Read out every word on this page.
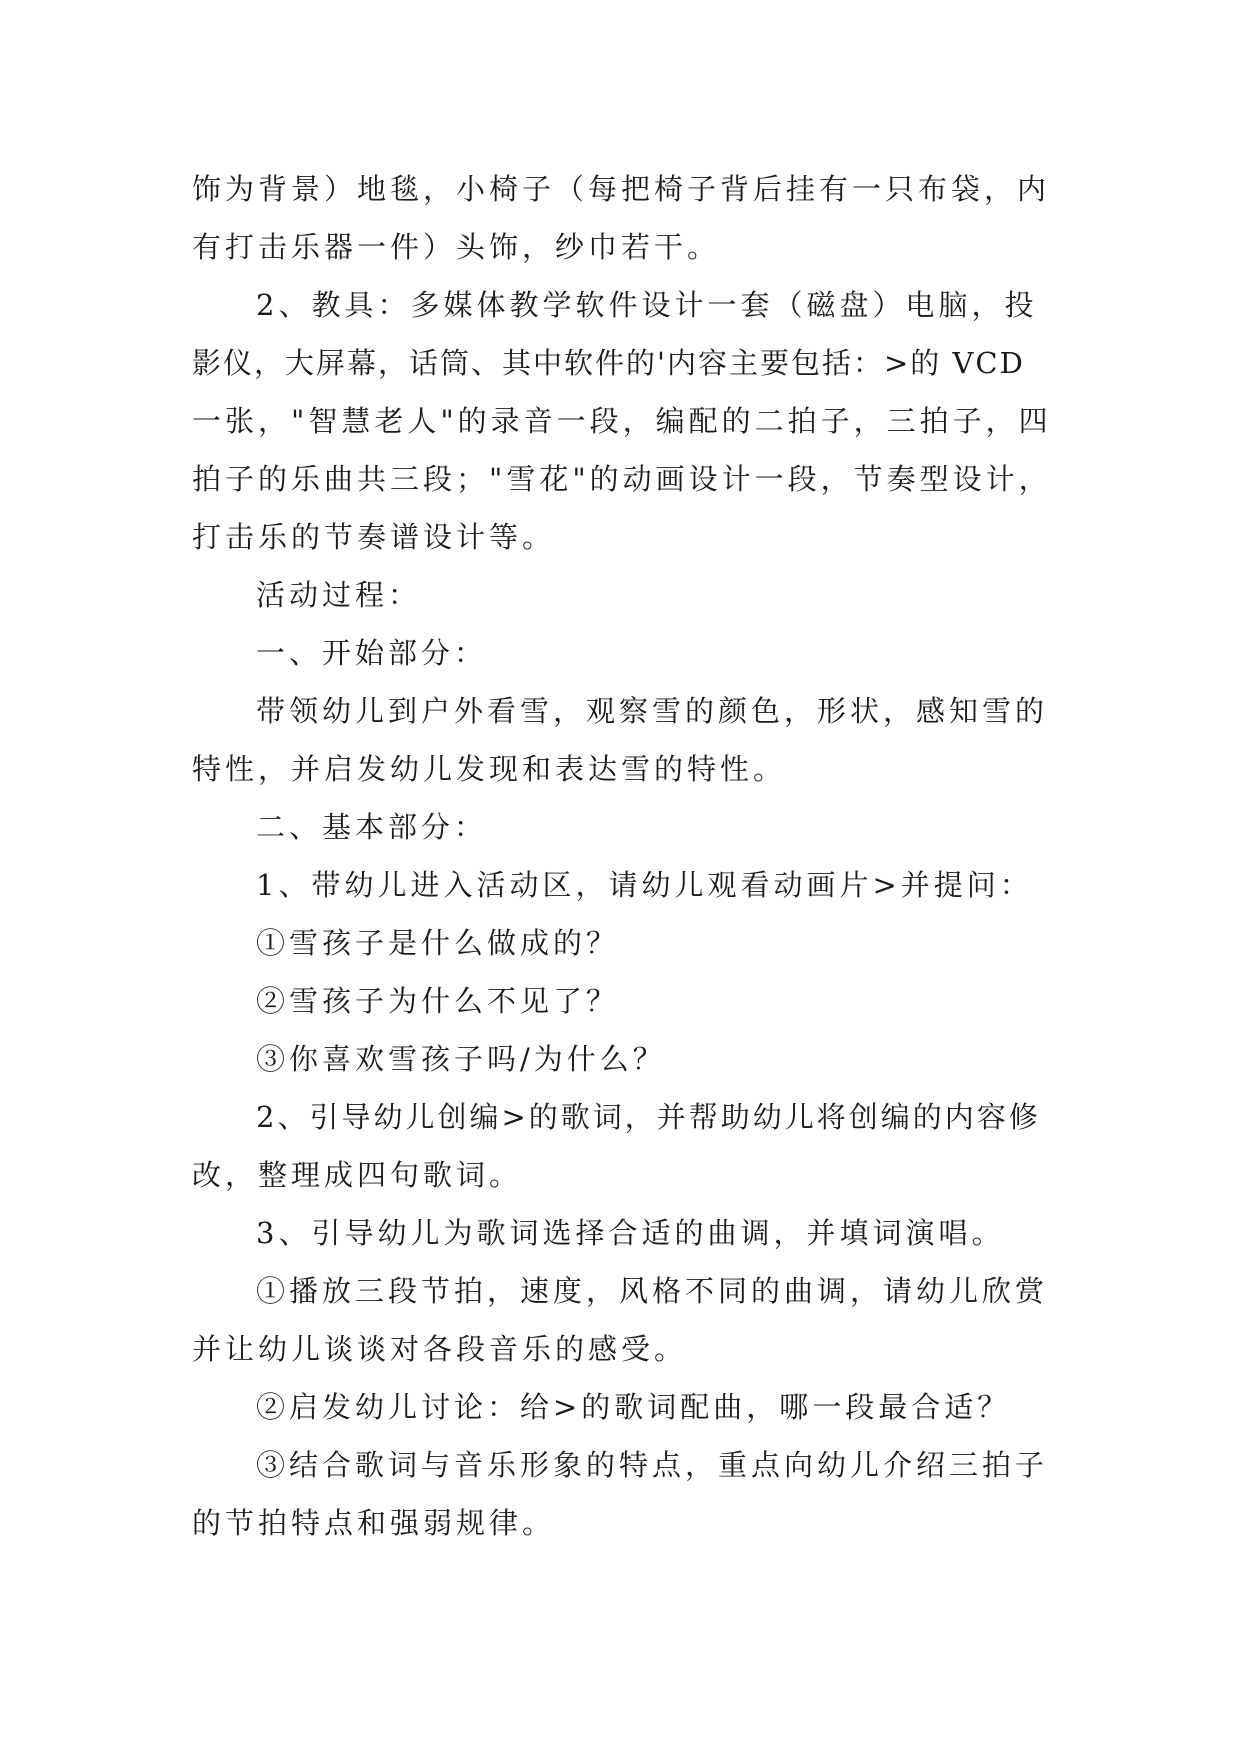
饰为背景）地毯，小椅子（每把椅子背后挂有一只布袋，内

有打击乐器一件）头饰，纱巾若干。

2、教具：多媒体教学软件设计一套（磁盘）电脑，投

影仪，大屏幕，话筒、其中软件的'内容主要包括：>的 VCD

一张，"智慧老人"的录音一段，编配的二拍子，三拍子，四

拍子的乐曲共三段；"雪花"的动画设计一段，节奏型设计，

打击乐的节奏谱设计等。

活动过程：

一、开始部分：

带领幼儿到户外看雪，观察雪的颜色，形状，感知雪的

特性，并启发幼儿发现和表达雪的特性。

二、基本部分：

1、带幼儿进入活动区，请幼儿观看动画片>并提问：

①雪孩子是什么做成的？

②雪孩子为什么不见了？

③你喜欢雪孩子吗/为什么？

2、引导幼儿创编>的歌词，并帮助幼儿将创编的内容修

改，整理成四句歌词。

3、引导幼儿为歌词选择合适的曲调，并填词演唱。

①播放三段节拍，速度，风格不同的曲调，请幼儿欣赏

并让幼儿谈谈对各段音乐的感受。

②启发幼儿讨论：给>的歌词配曲，哪一段最合适？

③结合歌词与音乐形象的特点，重点向幼儿介绍三拍子

的节拍特点和强弱规律。
